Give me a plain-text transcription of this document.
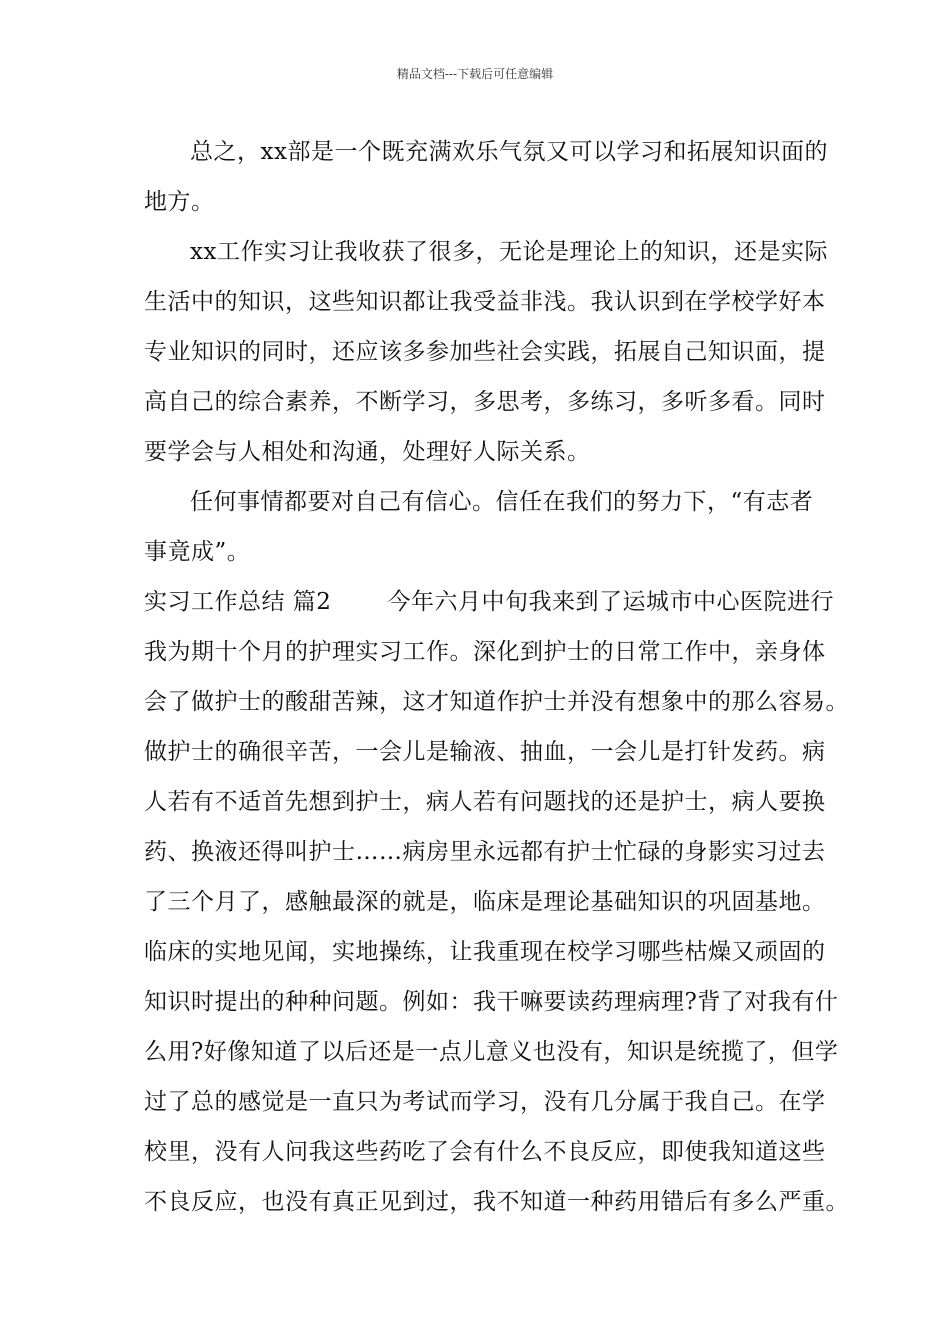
精品文档---下载后可任意编辑
总之，xx部是一个既充满欢乐气氛又可以学习和拓展知识面的
地方。
xx工作实习让我收获了很多，无论是理论上的知识，还是实际
生活中的知识，这些知识都让我受益非浅。我认识到在学校学好本
专业知识的同时，还应该多参加些社会实践，拓展自己知识面，提
高自己的综合素养，不断学习，多思考，多练习，多听多看。同时
要学会与人相处和沟通，处理好人际关系。
任何事情都要对自己有信心。信任在我们的努力下，“有志者
事竟成”。
实习工作总结 篇2 今年六月中旬我来到了运城市中心医院进行
我为期十个月的护理实习工作。深化到护士的日常工作中，亲身体
会了做护士的酸甜苦辣，这才知道作护士并没有想象中的那么容易。
做护士的确很辛苦，一会儿是输液、抽血，一会儿是打针发药。病
人若有不适首先想到护士，病人若有问题找的还是护士，病人要换
药、换液还得叫护士……病房里永远都有护士忙碌的身影实习过去
了三个月了，感触最深的就是，临床是理论基础知识的巩固基地。
临床的实地见闻，实地操练，让我重现在校学习哪些枯燥又顽固的
知识时提出的种种问题。例如：我干嘛要读药理病理?背了对我有什
么用?好像知道了以后还是一点儿意义也没有，知识是统揽了，但学
过了总的感觉是一直只为考试而学习，没有几分属于我自己。在学
校里，没有人问我这些药吃了会有什么不良反应，即使我知道这些
不良反应，也没有真正见到过，我不知道一种药用错后有多么严重。
